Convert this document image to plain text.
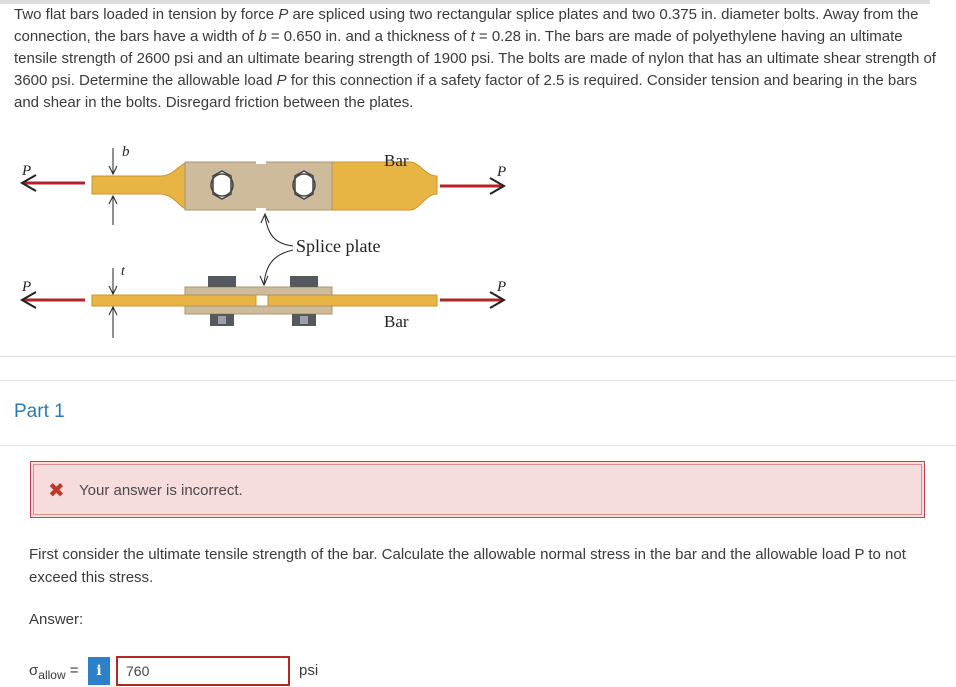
Two flat bars loaded in tension by force P are spliced using two rectangular splice plates and two 0.375 in. diameter bolts. Away from the connection, the bars have a width of b = 0.650 in. and a thickness of t = 0.28 in. The bars are made of polyethylene having an ultimate tensile strength of 2600 psi and an ultimate bearing strength of 1900 psi. The bolts are made of nylon that has an ultimate shear strength of 3600 psi. Determine the allowable load P for this connection if a safety factor of 2.5 is required. Consider tension and bearing in the bars and shear in the bolts. Disregard friction between the plates.
P	P
b	Bar
Splice plate
P	P
t
Bar
Part 1
✖ Your answer is incorrect.
First consider the ultimate tensile strength of the bar. Calculate the allowable normal stress in the bar and the allowable load P to not exceed this stress.
Answer:
$\sigma_{allow}$ =	i
760	psi
